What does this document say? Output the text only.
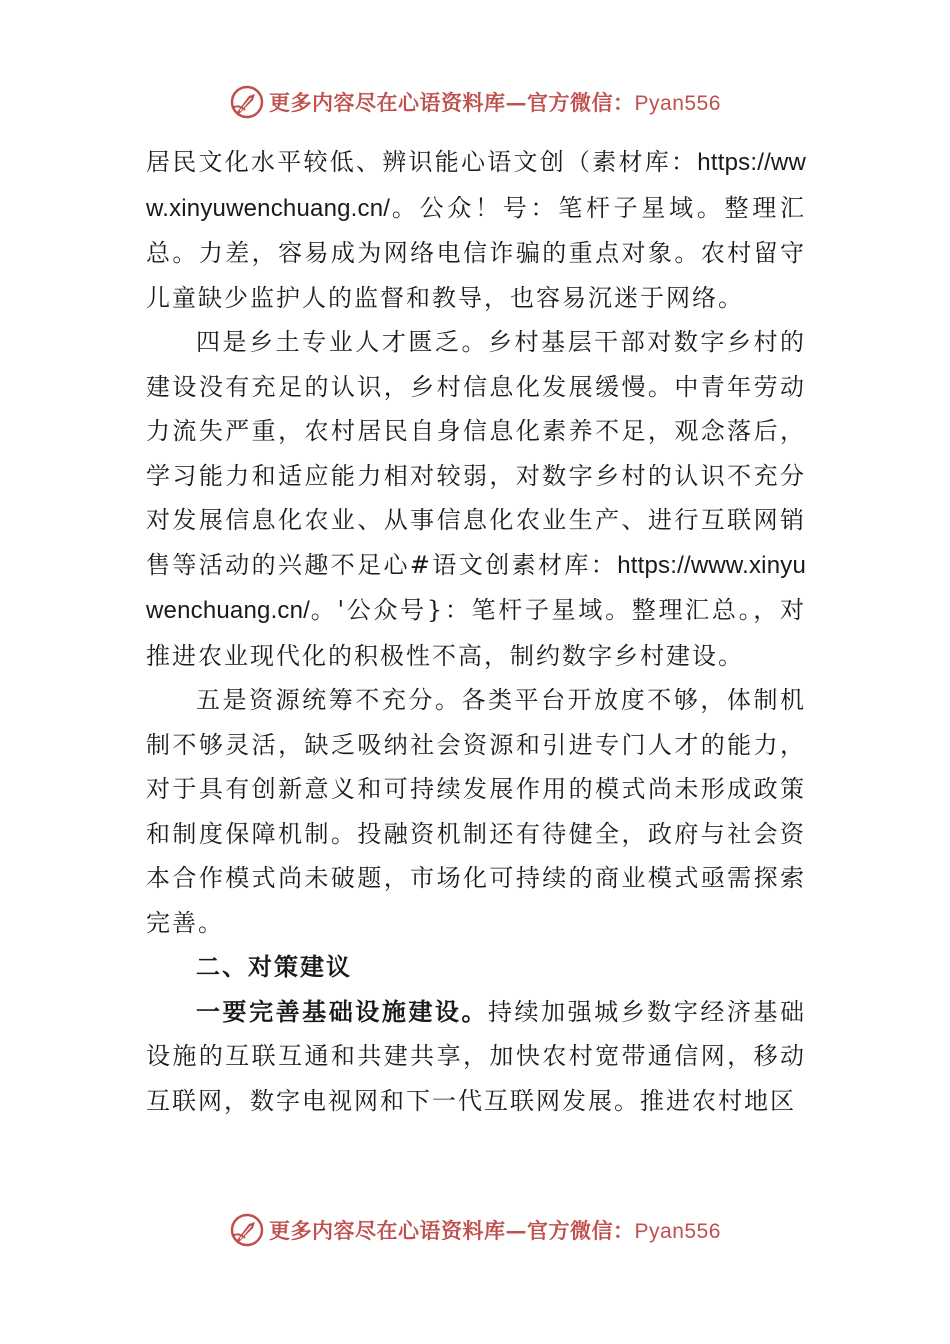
更多内容尽在心语资料库—官方微信：Pyan556

居民文化水平较低、辨识能心语文创（素材库：https://www.xinyuwenchuang.cn/。公众！号：笔杆子星域。整理汇总。力差，容易成为网络电信诈骗的重点对象。农村留守儿童缺少监护人的监督和教导，也容易沉迷于网络。

四是乡土专业人才匮乏。乡村基层干部对数字乡村的建设没有充足的认识，乡村信息化发展缓慢。中青年劳动力流失严重，农村居民自身信息化素养不足，观念落后，学习能力和适应能力相对较弱，对数字乡村的认识不充分对发展信息化农业、从事信息化农业生产、进行互联网销售等活动的兴趣不足心#语文创素材库：https://www.xinyuwenchuang.cn/。'公众号}：笔杆子星域。整理汇总。，对推进农业现代化的积极性不高，制约数字乡村建设。

五是资源统筹不充分。各类平台开放度不够，体制机制不够灵活，缺乏吸纳社会资源和引进专门人才的能力，对于具有创新意义和可持续发展作用的模式尚未形成政策和制度保障机制。投融资机制还有待健全，政府与社会资本合作模式尚未破题，市场化可持续的商业模式亟需探索完善。

二、对策建议

一要完善基础设施建设。持续加强城乡数字经济基础设施的互联互通和共建共享，加快农村宽带通信网，移动互联网，数字电视网和下一代互联网发展。推进农村地区

更多内容尽在心语资料库—官方微信：Pyan556
